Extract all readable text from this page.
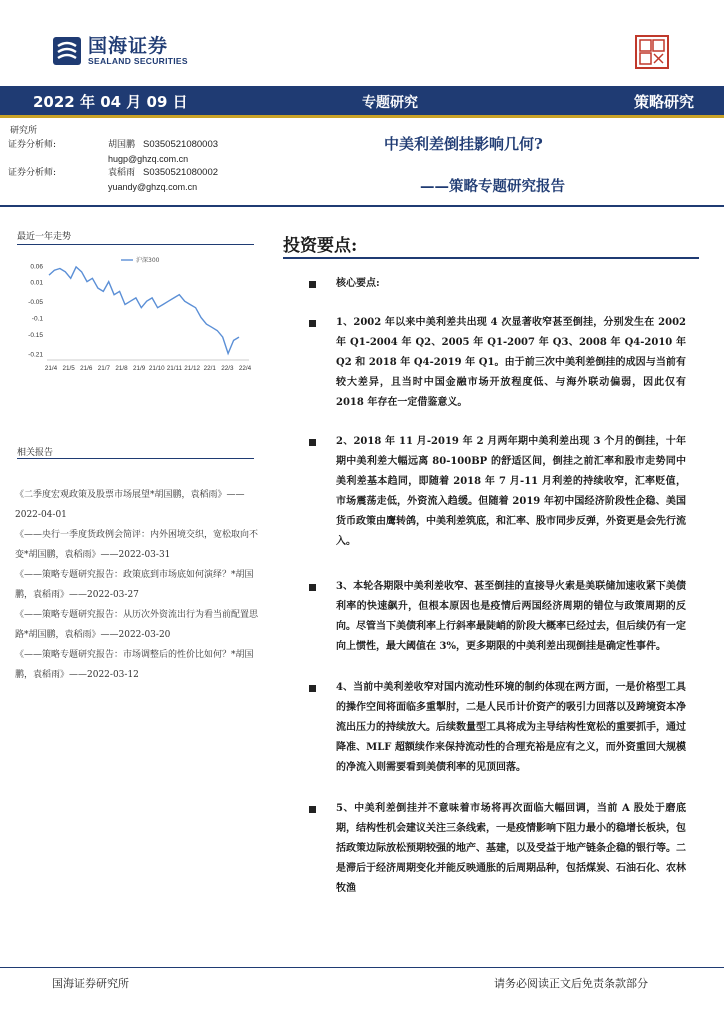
国海证券
SEALAND SECURITIES
2022 年 04 月 09 日	专题研究	策略研究
研究所
证券分析师:	胡国鹏 S0350521080003
hugp@ghzq.com.cn
证券分析师:	袁稻雨 S0350521080002
yuandy@ghzq.com.cn
中美利差倒挂影响几何?
——策略专题研究报告
最近一年走势
0.06
0.01
-0.05
-0.1
-0.15
-0.21
21/4 21/5 21/6 21/7 21/8 21/9 21/10 21/11 21/12 22/1 22/3 22/4
沪深300
相关报告
《二季度宏观政策及股票市场展望*胡国鹏，袁稻雨》——2022-04-01
《——央行一季度货政例会简评：内外困境交织，宽松取向不变*胡国鹏，袁稻雨》——2022-03-31
《——策略专题研究报告：政策底到市场底如何演绎？*胡国鹏，袁稻雨》——2022-03-27
《——策略专题研究报告：从历次外资流出行为看当前配置思路*胡国鹏，袁稻雨》——2022-03-20
《——策略专题研究报告：市场调整后的性价比如何？*胡国鹏，袁稻雨》——2022-03-12
投资要点:
核心要点:
1、2002 年以来中美利差共出现 4 次显著收窄甚至倒挂，分别发生在 2002 年 Q1-2004 年 Q2、2005 年 Q1-2007 年 Q3、2008 年 Q4-2010 年 Q2 和 2018 年 Q4-2019 年 Q1。由于前三次中美利差倒挂的成因与当前有较大差异，且当时中国金融市场开放程度低、与海外联动偏弱，因此仅有 2018 年存在一定借鉴意义。
2、2018 年 11 月-2019 年 2 月两年期中美利差出现 3 个月的倒挂，十年期中美利差大幅远离 80-100BP 的舒适区间，倒挂之前汇率和股市走势同中美利差基本趋同，即随着 2018 年 7 月-11 月利差的持续收窄，汇率贬值，市场震荡走低，外资流入趋缓。但随着 2019 年初中国经济阶段性企稳、美国货币政策由鹰转鸽，中美利差筑底，和汇率、股市同步反弹，外资更是会先行流入。
3、本轮各期限中美利差收窄、甚至倒挂的直接导火索是美联储加速收紧下美债利率的快速飙升，但根本原因也是疫情后两国经济周期的错位与政策周期的反向。尽管当下美债利率上行斜率最陡峭的阶段大概率已经过去，但后续仍有一定向上惯性，最大阈值在 3%，更多期限的中美利差出现倒挂是确定性事件。
4、当前中美利差收窄对国内流动性环境的制约体现在两方面，一是价格型工具的操作空间将面临多重掣肘，二是人民币计价资产的吸引力回落以及跨境资本净流出压力的持续放大。后续数量型工具将成为主导结构性宽松的重要抓手，通过降准、MLF 超额续作来保持流动性的合理充裕是应有之义，而外资重回大规模的净流入则需要看到美债利率的见顶回落。
5、中美利差倒挂并不意味着市场将再次面临大幅回调，当前 A 股处于磨底期，结构性机会建议关注三条线索，一是疫情影响下阻力最小的稳增长板块，包括政策边际放松预期较强的地产、基建，以及受益于地产链条企稳的银行等。二是滞后于经济周期变化并能反映通胀的后周期品种，包括煤炭、石油石化、农林牧渔
国海证券研究所	请务必阅读正文后免责条款部分
